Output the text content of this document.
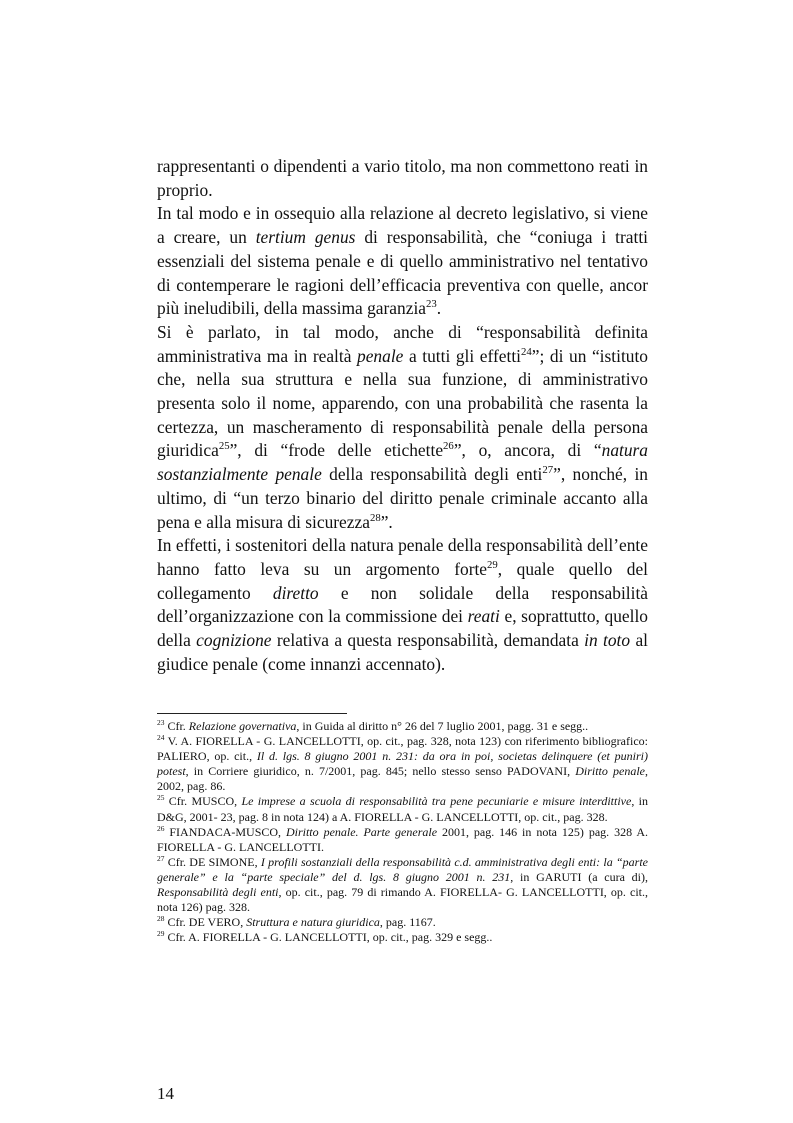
rappresentanti o dipendenti a vario titolo, ma non commettono reati in proprio.

In tal modo e in ossequio alla relazione al decreto legislativo, si viene a creare, un tertium genus di responsabilità, che “coniuga i tratti essenziali del sistema penale e di quello amministrativo nel tentativo di contemperare le ragioni dell’efficacia preventiva con quelle, ancor più ineludibili, della massima garanzia$^{23}$.

Si è parlato, in tal modo, anche di “responsabilità definita amministrativa ma in realtà penale a tutti gli effetti$^{24}$”; di un “istituto che, nella sua struttura e nella sua funzione, di amministrativo presenta solo il nome, apparendo, con una probabilità che rasenta la certezza, un mascheramento di responsabilità penale della persona giuridica$^{25}$”, di “frode delle etichette$^{26}$”, o, ancora, di “natura sostanzialmente penale della responsabilità degli enti$^{27}$”, nonché, in ultimo, di “un terzo binario del diritto penale criminale accanto alla pena e alla misura di sicurezza$^{28}$”.

In effetti, i sostenitori della natura penale della responsabilità dell’ente hanno fatto leva su un argomento forte$^{29}$, quale quello del collegamento diretto e non solidale della responsabilità dell’organizzazione con la commissione dei reati e, soprattutto, quello della cognizione relativa a questa responsabilità, demandata in toto al giudice penale (come innanzi accennato).

$^{23}$ Cfr. Relazione governativa, in Guida al diritto n° 26 del 7 luglio 2001, pagg. 31 e segg..

$^{24}$ V. A. FIORELLA - G. LANCELLOTTI, op. cit., pag. 328, nota 123) con riferimento bibliografico: PALIERO, op. cit., Il d. lgs. 8 giugno 2001 n. 231: da ora in poi, societas delinquere (et puniri) potest, in Corriere giuridico, n. 7/2001, pag. 845; nello stesso senso PADOVANI, Diritto penale, 2002, pag. 86.

$^{25}$ Cfr. MUSCO, Le imprese a scuola di responsabilità tra pene pecuniarie e misure interdittive, in D&G, 2001- 23, pag. 8 in nota 124) a A. FIORELLA - G. LANCELLOTTI, op. cit., pag. 328.

$^{26}$ FIANDACA-MUSCO, Diritto penale. Parte generale 2001, pag. 146 in nota 125) pag. 328 A. FIORELLA - G. LANCELLOTTI.

$^{27}$ Cfr. DE SIMONE, I profili sostanziali della responsabilità c.d. amministrativa degli enti: la “parte generale” e la “parte speciale” del d. lgs. 8 giugno 2001 n. 231, in GARUTI (a cura di), Responsabilità degli enti, op. cit., pag. 79 di rimando A. FIORELLA- G. LANCELLOTTI, op. cit., nota 126) pag. 328.

$^{28}$ Cfr. DE VERO, Struttura e natura giuridica, pag. 1167.

$^{29}$ Cfr. A. FIORELLA - G. LANCELLOTTI, op. cit., pag. 329 e segg..

14
